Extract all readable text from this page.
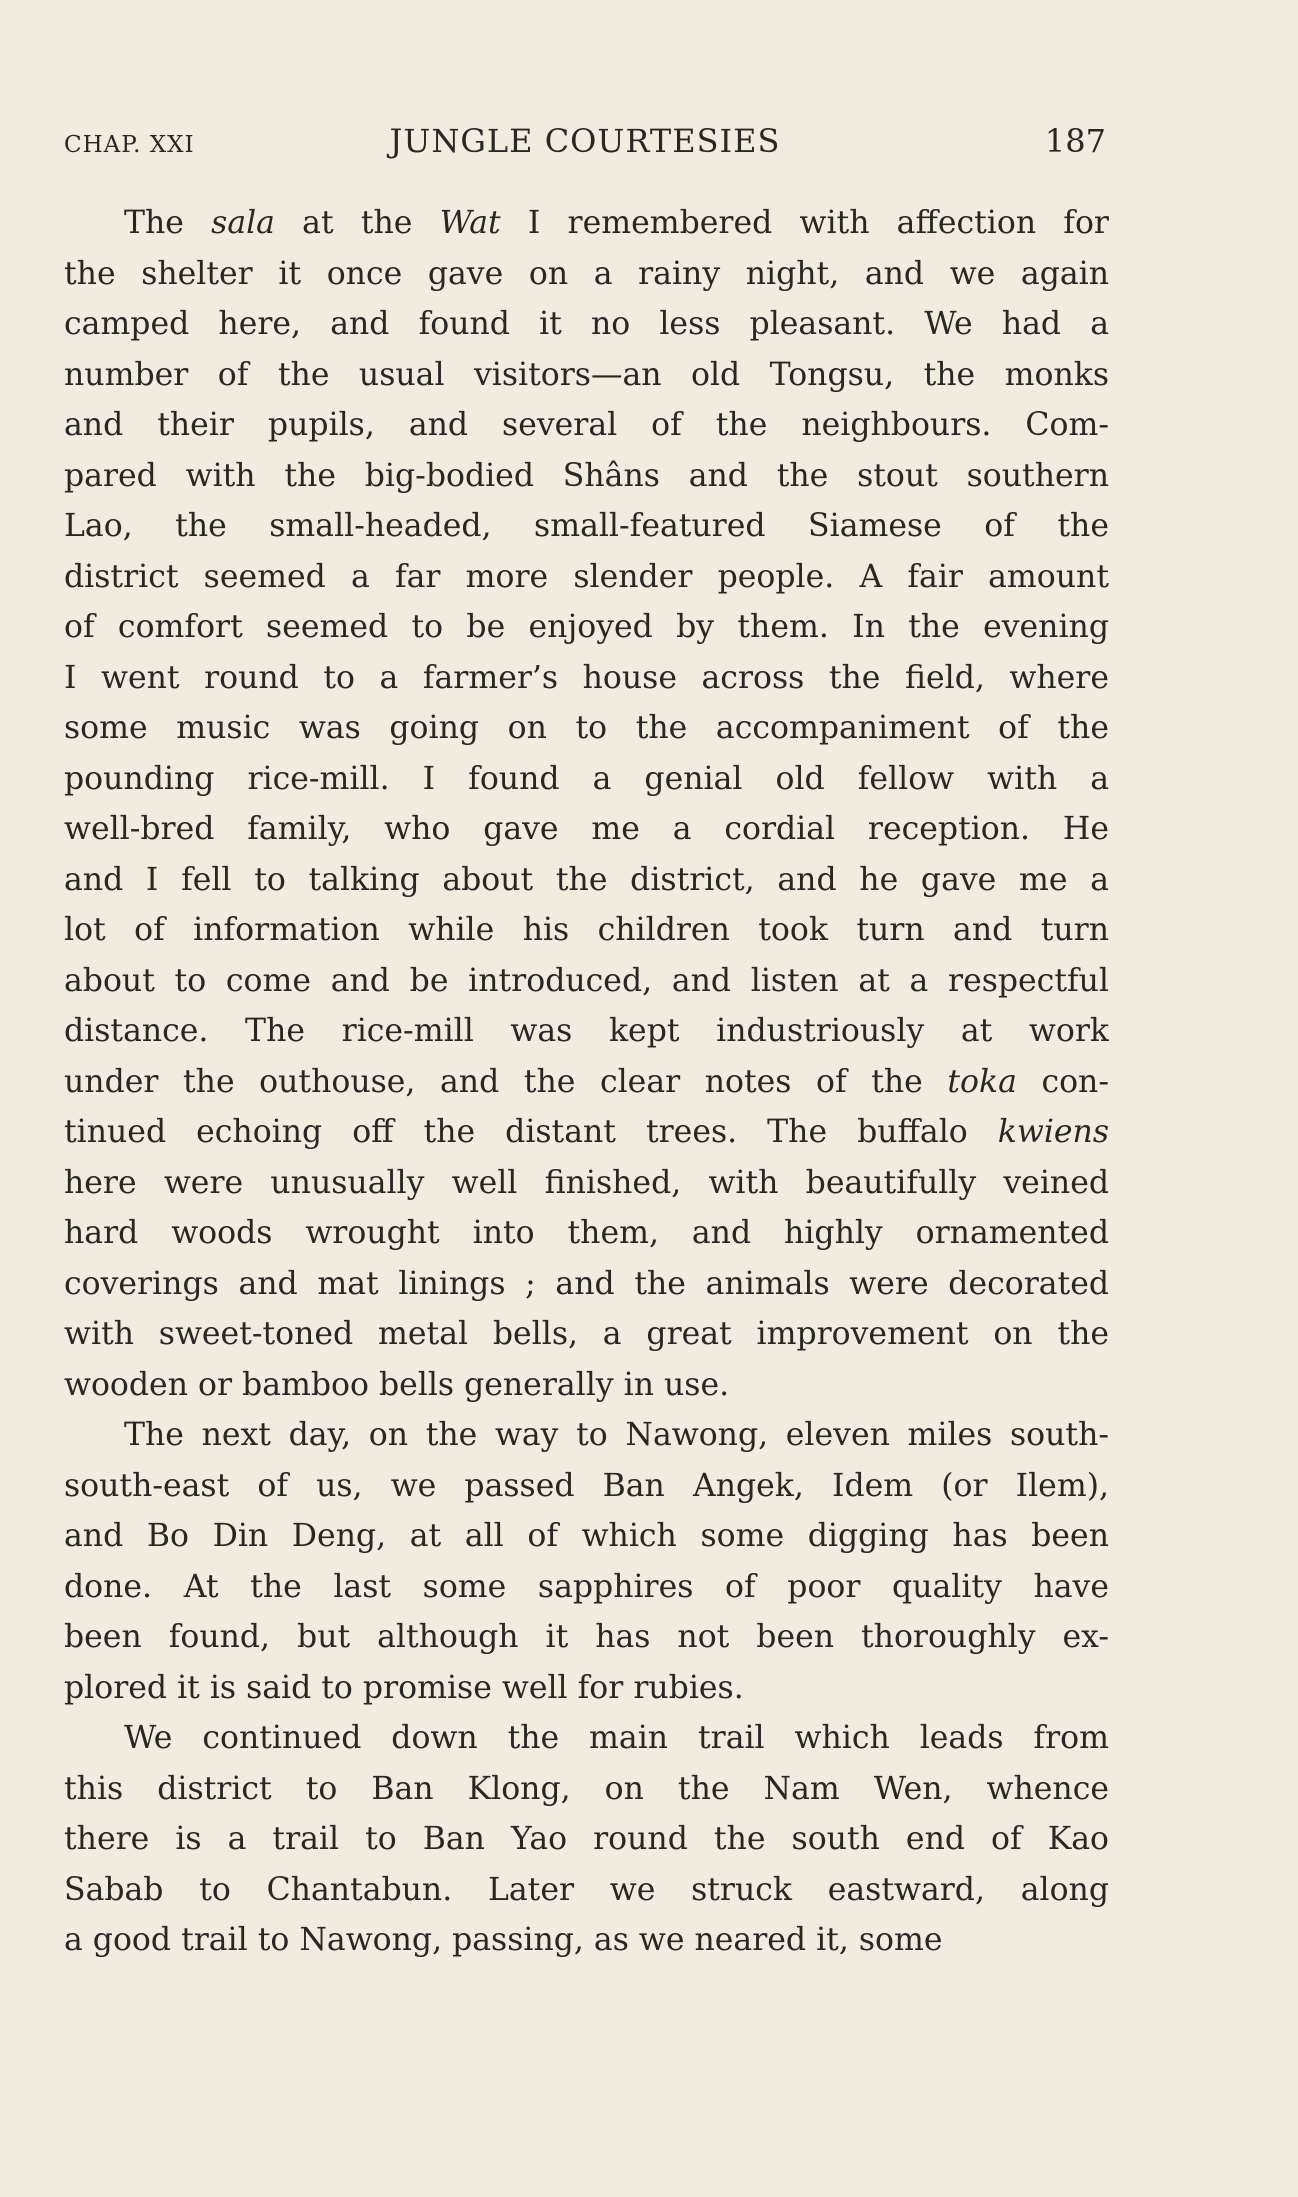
CHAP. XXI	JUNGLE COURTESIES	187
The sala at the Wat I remembered with affection for
the shelter it once gave on a rainy night, and we again
camped here, and found it no less pleasant. We had a
number of the usual visitors—an old Tongsu, the monks
and their pupils, and several of the neighbours. Com-
pared with the big-bodied Shâns and the stout southern
Lao, the small-headed, small-featured Siamese of the
district seemed a far more slender people. A fair amount
of comfort seemed to be enjoyed by them. In the evening
I went round to a farmer’s house across the field, where
some music was going on to the accompaniment of the
pounding rice-mill. I found a genial old fellow with a
well-bred family, who gave me a cordial reception. He
and I fell to talking about the district, and he gave me a
lot of information while his children took turn and turn
about to come and be introduced, and listen at a respectful
distance. The rice-mill was kept industriously at work
under the outhouse, and the clear notes of the toka con-
tinued echoing off the distant trees. The buffalo kwiens
here were unusually well finished, with beautifully veined
hard woods wrought into them, and highly ornamented
coverings and mat linings ; and the animals were decorated
with sweet-toned metal bells, a great improvement on the
wooden or bamboo bells generally in use.
The next day, on the way to Nawong, eleven miles south-
south-east of us, we passed Ban Angek, Idem (or Ilem),
and Bo Din Deng, at all of which some digging has been
done. At the last some sapphires of poor quality have
been found, but although it has not been thoroughly ex-
plored it is said to promise well for rubies.
We continued down the main trail which leads from
this district to Ban Klong, on the Nam Wen, whence
there is a trail to Ban Yao round the south end of Kao
Sabab to Chantabun. Later we struck eastward, along
a good trail to Nawong, passing, as we neared it, some
